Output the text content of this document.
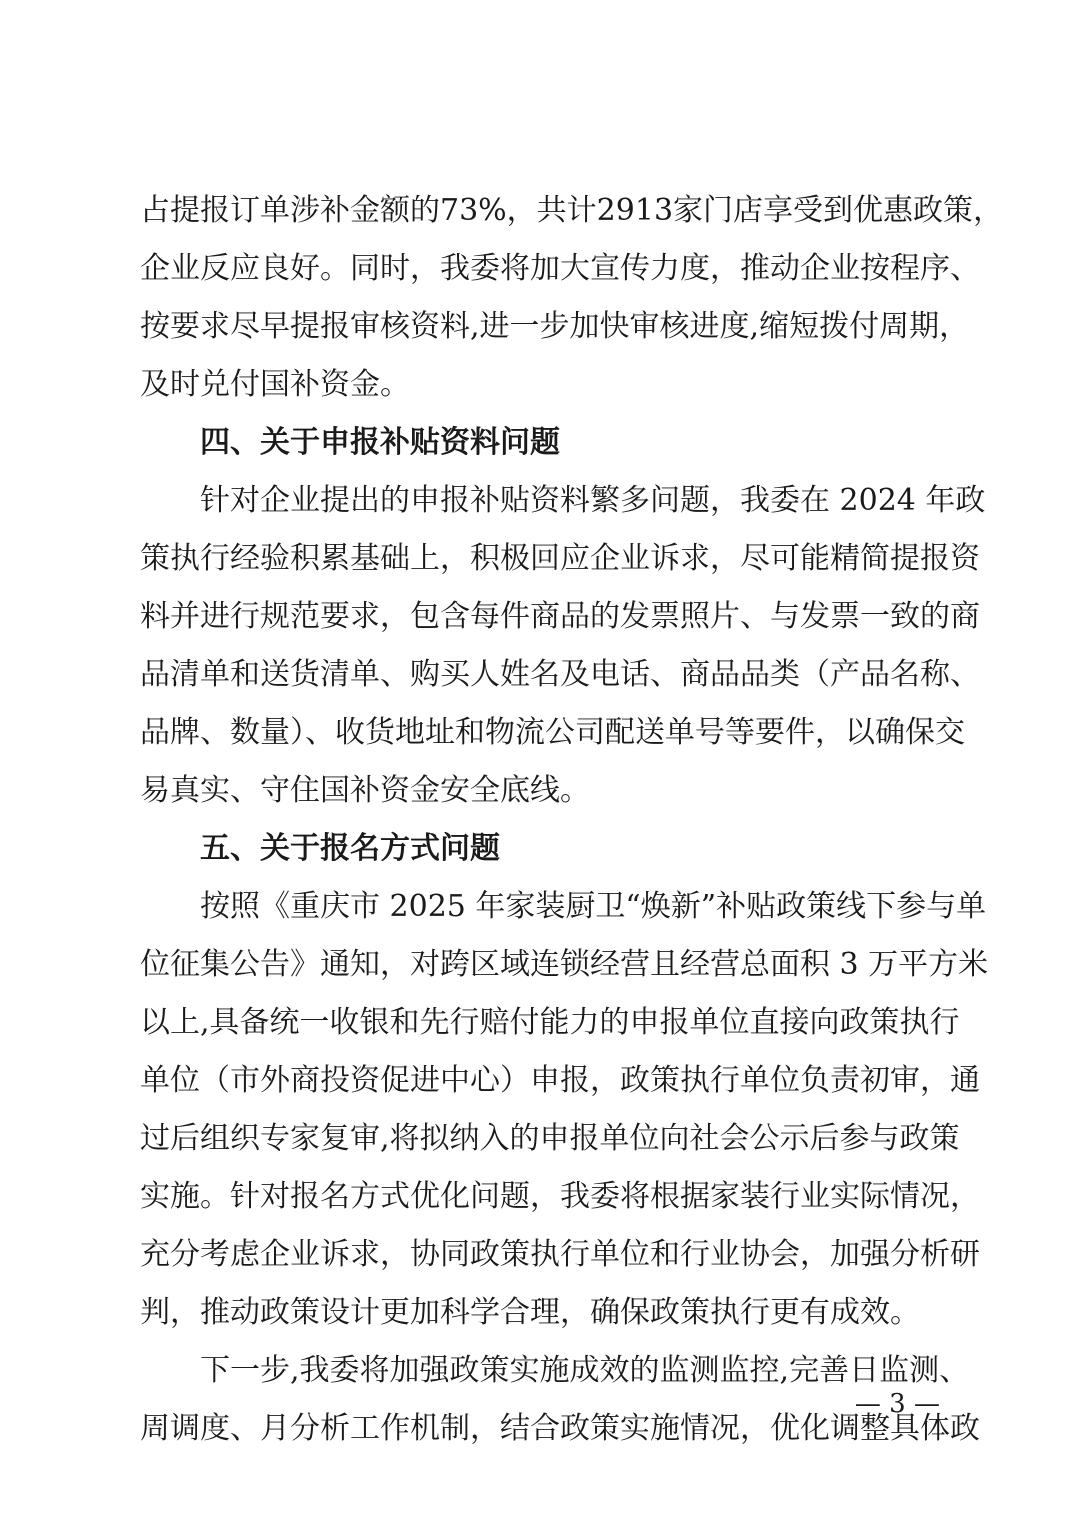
占提报订单涉补金额的73%，共计2913家门店享受到优惠政策，
企业反应良好。同时，我委将加大宣传力度，推动企业按程序、
按要求尽早提报审核资料,进一步加快审核进度,缩短拨付周期，
及时兑付国补资金。
四、关于申报补贴资料问题
针对企业提出的申报补贴资料繁多问题，我委在 2024 年政
策执行经验积累基础上，积极回应企业诉求，尽可能精简提报资
料并进行规范要求，包含每件商品的发票照片、与发票一致的商
品清单和送货清单、购买人姓名及电话、商品品类（产品名称、
品牌、数量）、收货地址和物流公司配送单号等要件，以确保交
易真实、守住国补资金安全底线。
五、关于报名方式问题
按照《重庆市 2025 年家装厨卫“焕新”补贴政策线下参与单
位征集公告》通知，对跨区域连锁经营且经营总面积 3 万平方米
以上,具备统一收银和先行赔付能力的申报单位直接向政策执行
单位（市外商投资促进中心）申报，政策执行单位负责初审，通
过后组织专家复审,将拟纳入的申报单位向社会公示后参与政策
实施。针对报名方式优化问题，我委将根据家装行业实际情况，
充分考虑企业诉求，协同政策执行单位和行业协会，加强分析研
判，推动政策设计更加科学合理，确保政策执行更有成效。
下一步,我委将加强政策实施成效的监测监控,完善日监测、
周调度、月分析工作机制，结合政策实施情况，优化调整具体政
— 3 —
